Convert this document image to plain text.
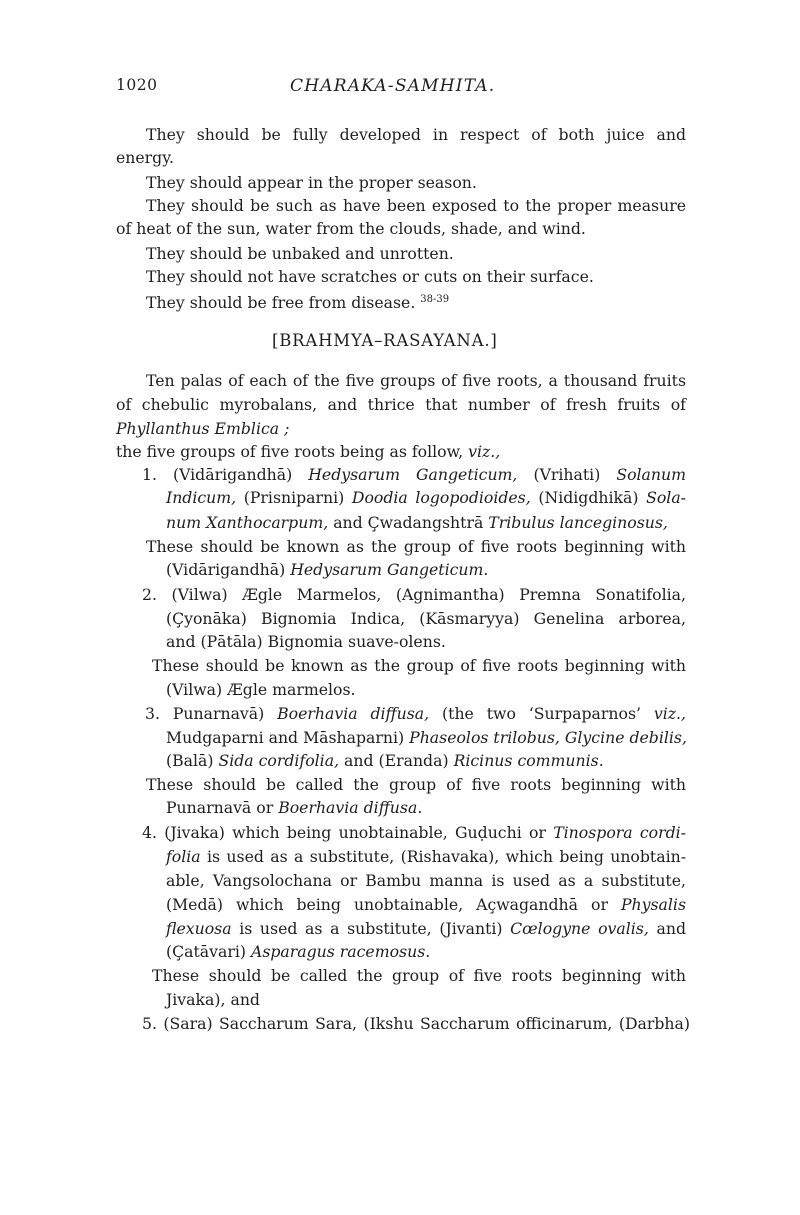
1020	CHARAKA-SAMHITA.
They should be fully developed in respect of both juice and
energy.
They should appear in the proper season.
They should be such as have been exposed to the proper measure
of heat of the sun, water from the clouds, shade, and wind.
They should be unbaked and unrotten.
They should not have scratches or cuts on their surface.
They should be free from disease. $^{38-39}$
[BRAHMYA–RASAYANA.]
Ten palas of each of the five groups of five roots, a thousand fruits
of chebulic myrobalans, and thrice that number of fresh fruits of
Phyllanthus Emblica ;
the five groups of five roots being as follow, viz.,
1. (Vidārigandhā) Hedysarum Gangeticum, (Vrihati) Solanum
Indicum, (Prisniparni) Doodia logopodioides, (Nidigdhikā) Sola-
num Xanthocarpum, and Çwadangshtrā Tribulus lanceginosus,
These should be known as the group of five roots beginning with
(Vidārigandhā) Hedysarum Gangeticum.
2. (Vilwa) Ægle Marmelos, (Agnimantha) Premna Sonatifolia,
(Çyonāka) Bignomia Indica, (Kāsmaryya) Genelina arborea,
and (Pātāla) Bignomia suave-olens.
These should be known as the group of five roots beginning with
(Vilwa) Ægle marmelos.
3. Punarnavā) Boerhavia diffusa, (the two ‘Surpaparnos’ viz.,
Mudgaparni and Māshaparni) Phaseolos trilobus, Glycine debilis,
(Balā) Sida cordifolia, and (Eranda) Ricinus communis.
These should be called the group of five roots beginning with
Punarnavā or Boerhavia diffusa.
4. (Jivaka) which being unobtainable, Guḍuchi or Tinospora cordi-
folia is used as a substitute, (Rishavaka), which being unobtain-
able, Vangsolochana or Bambu manna is used as a substitute,
(Medā) which being unobtainable, Açwagandhā or Physalis
flexuosa is used as a substitute, (Jivanti) Cœlogyne ovalis, and
(Çatāvari) Asparagus racemosus.
These should be called the group of five roots beginning with
Jivaka), and
5. (Sara) Saccharum Sara, (Ikshu Saccharum officinarum, (Darbha)
